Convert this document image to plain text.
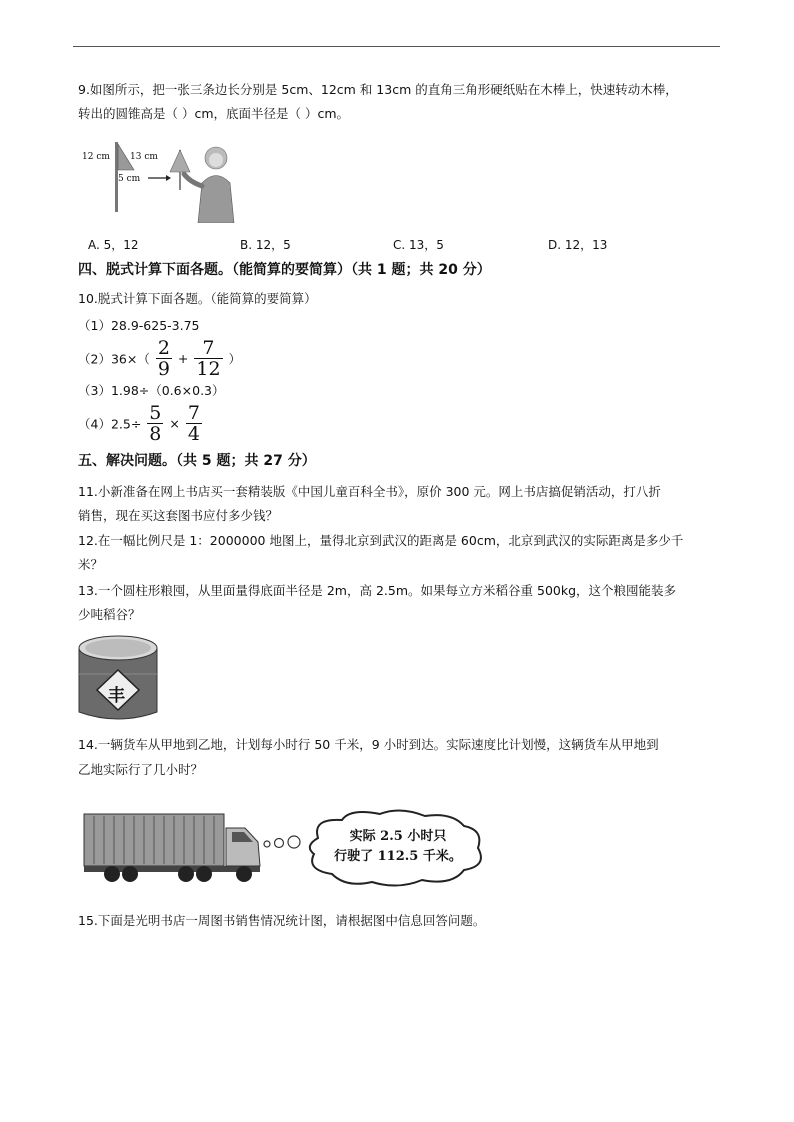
9.如图所示，把一张三条边长分别是 5cm、12cm 和 13cm 的直角三角形硬纸贴在木棒上，快速转动木棒，
转出的圆锥高是（ ）cm，底面半径是（ ）cm。
12 cm 13 cm
5 cm
A. 5，12	B. 12，5	C. 13，5	D. 12，13
四、脱式计算下面各题。（能简算的要简算）（共 1 题；共 20 分）
10.脱式计算下面各题。（能简算的要简算）
（1）28.9-625-3.75
$(2)36\times( \frac{2}{9} + \frac{7}{12}$ ）
（3）1.98÷（0.6×0.3）
$(4)2.5\div \frac{5}{8} \times \frac{7}{4}$
五、解决问题。（共 5 题；共 27 分）
11.小新准备在网上书店买一套精装版《中国儿童百科全书》，原价 300 元。网上书店搞促销活动，打八折
销售，现在买这套图书应付多少钱？
12.在一幅比例尺是 1：2000000 地图上，量得北京到武汉的距离是 60cm，北京到武汉的实际距离是多少千
米？
13.一个圆柱形粮囤，从里面量得底面半径是 2m，高 2.5m。如果每立方米稻谷重 500kg，这个粮囤能装多
少吨稻谷？
丰
14.一辆货车从甲地到乙地，计划每小时行 50 千米，9 小时到达。实际速度比计划慢，这辆货车从甲地到
乙地实际行了几小时？
实际 2.5 小时只
行驶了 112.5 千米。
15.下面是光明书店一周图书销售情况统计图，请根据图中信息回答问题。
